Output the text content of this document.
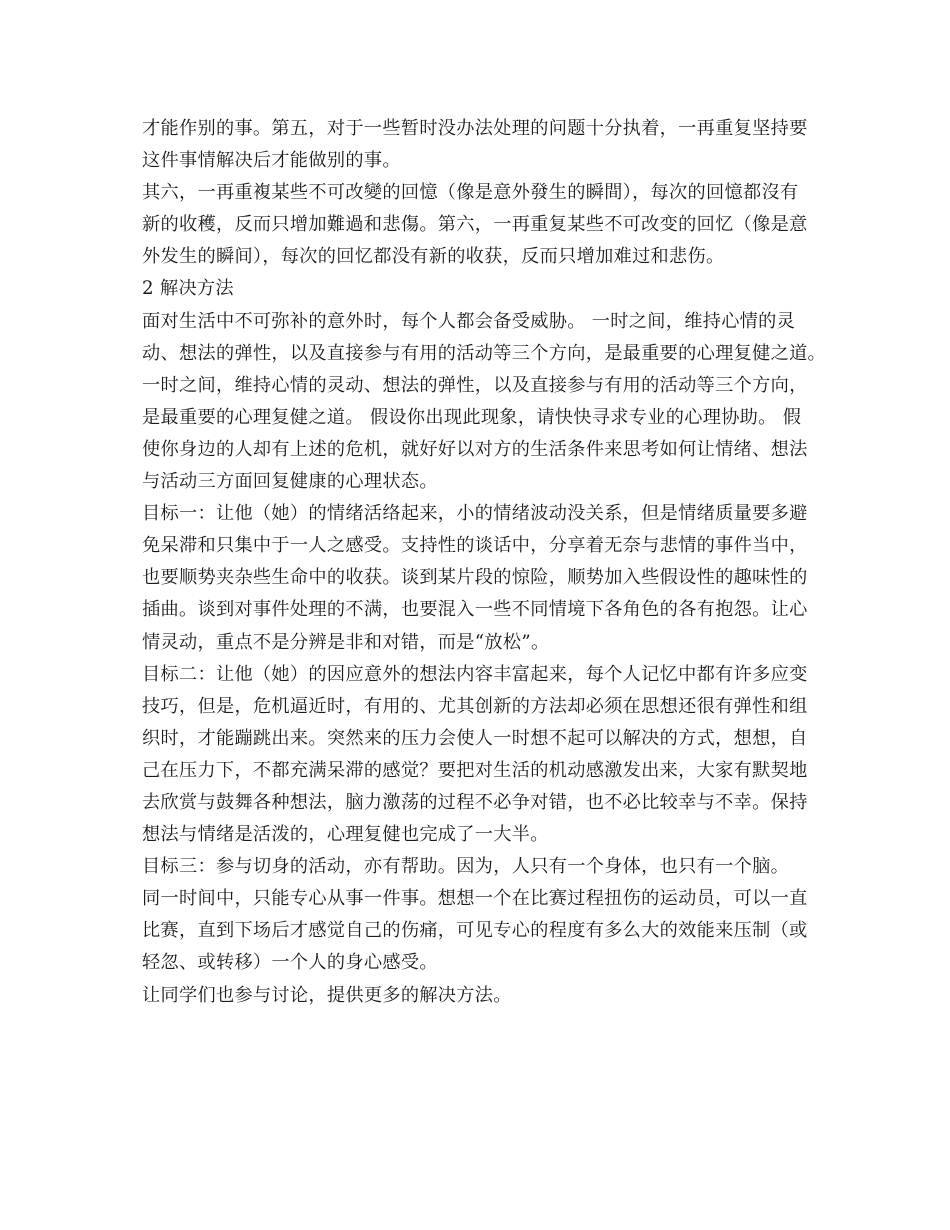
才能作别的事。第五，对于一些暂时没办法处理的问题十分执着，一再重复坚持要
这件事情解决后才能做别的事。
其六，一再重複某些不可改變的回憶（像是意外發生的瞬間），每次的回憶都沒有
新的收穫，反而只增加難過和悲傷。第六，一再重复某些不可改变的回忆（像是意
外发生的瞬间），每次的回忆都没有新的收获，反而只增加难过和悲伤。
2 解决方法
面对生活中不可弥补的意外时，每个人都会备受威胁。 一时之间，维持心情的灵
动、想法的弹性，以及直接参与有用的活动等三个方向，是最重要的心理复健之道。
一时之间，维持心情的灵动、想法的弹性，以及直接参与有用的活动等三个方向，
是最重要的心理复健之道。 假设你出现此现象，请快快寻求专业的心理协助。 假
使你身边的人却有上述的危机，就好好以对方的生活条件来思考如何让情绪、想法
与活动三方面回复健康的心理状态。
目标一：让他（她）的情绪活络起来，小的情绪波动没关系，但是情绪质量要多避
免呆滞和只集中于一人之感受。支持性的谈话中，分享着无奈与悲情的事件当中，
也要顺势夹杂些生命中的收获。谈到某片段的惊险，顺势加入些假设性的趣味性的
插曲。谈到对事件处理的不满，也要混入一些不同情境下各角色的各有抱怨。让心
情灵动，重点不是分辨是非和对错，而是“放松”。
目标二：让他（她）的因应意外的想法内容丰富起来，每个人记忆中都有许多应变
技巧，但是，危机逼近时，有用的、尤其创新的方法却必须在思想还很有弹性和组
织时，才能蹦跳出来。突然来的压力会使人一时想不起可以解决的方式，想想，自
己在压力下，不都充满呆滞的感觉？要把对生活的机动感激发出来，大家有默契地
去欣赏与鼓舞各种想法，脑力激荡的过程不必争对错，也不必比较幸与不幸。保持
想法与情绪是活泼的，心理复健也完成了一大半。
目标三：参与切身的活动，亦有帮助。因为，人只有一个身体，也只有一个脑。
同一时间中，只能专心从事一件事。想想一个在比赛过程扭伤的运动员，可以一直
比赛，直到下场后才感觉自己的伤痛，可见专心的程度有多么大的效能来压制（或
轻忽、或转移）一个人的身心感受。
让同学们也参与讨论，提供更多的解决方法。
